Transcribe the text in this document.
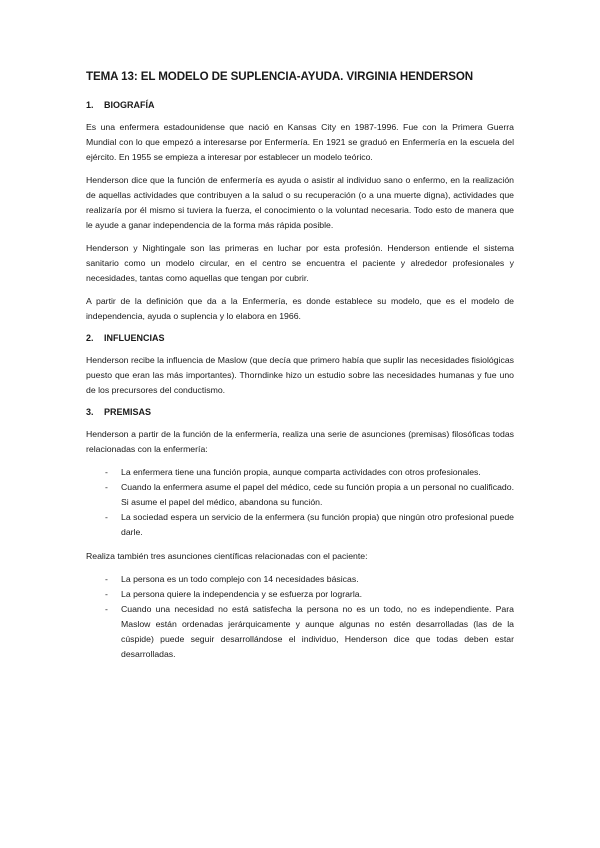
TEMA 13: EL MODELO DE SUPLENCIA-AYUDA. VIRGINIA HENDERSON
1.	BIOGRAFÍA

Es una enfermera estadounidense que nació en Kansas City en 1987-1996. Fue con la Primera Guerra Mundial con lo que empezó a interesarse por Enfermería. En 1921 se graduó en Enfermería en la escuela del ejército. En 1955 se empieza a interesar por establecer un modelo teórico.

Henderson dice que la función de enfermería es ayuda o asistir al individuo sano o enfermo, en la realización de aquellas actividades que contribuyen a la salud o su recuperación (o a una muerte digna), actividades que realizaría por él mismo si tuviera la fuerza, el conocimiento o la voluntad necesaria. Todo esto de manera que le ayude a ganar independencia de la forma más rápida posible.

Henderson y Nightingale son las primeras en luchar por esta profesión. Henderson entiende el sistema sanitario como un modelo circular, en el centro se encuentra el paciente y alrededor profesionales y necesidades, tantas como aquellas que tengan por cubrir.

A partir de la definición que da a la Enfermería, es donde establece su modelo, que es el modelo de independencia, ayuda o suplencia y lo elabora en 1966.

2.	INFLUENCIAS

Henderson recibe la influencia de Maslow (que decía que primero había que suplir las necesidades fisiológicas puesto que eran las más importantes). Thorndinke hizo un estudio sobre las necesidades humanas y fue uno de los precursores del conductismo.

3.	PREMISAS

Henderson a partir de la función de la enfermería, realiza una serie de asunciones (premisas) filosóficas todas relacionadas con la enfermería:

- La enfermera tiene una función propia, aunque comparta actividades con otros profesionales.
- Cuando la enfermera asume el papel del médico, cede su función propia a un personal no cualificado. Si asume el papel del médico, abandona su función.
- La sociedad espera un servicio de la enfermera (su función propia) que ningún otro profesional puede darle.

Realiza también tres asunciones científicas relacionadas con el paciente:

- La persona es un todo complejo con 14 necesidades básicas.
- La persona quiere la independencia y se esfuerza por lograrla.
- Cuando una necesidad no está satisfecha la persona no es un todo, no es independiente. Para Maslow están ordenadas jerárquicamente y aunque algunas no estén desarrolladas (las de la cúspide) puede seguir desarrollándose el individuo, Henderson dice que todas deben estar desarrolladas.
